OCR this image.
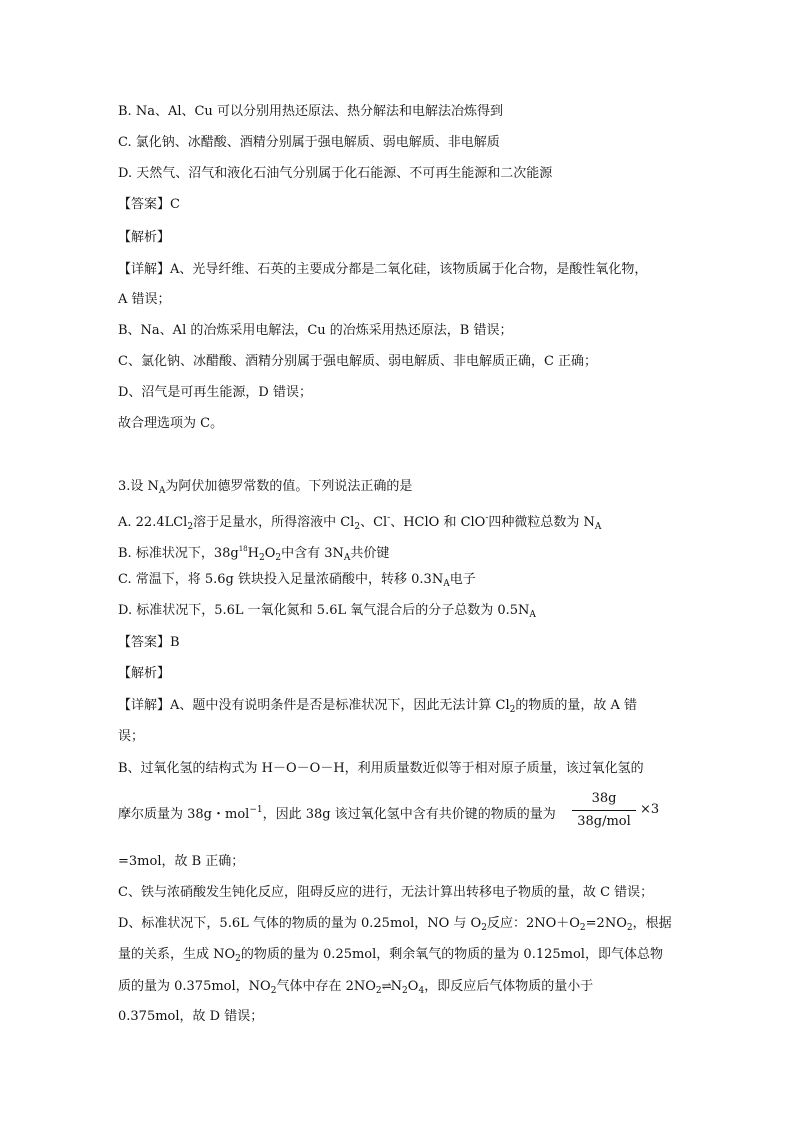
B. Na、Al、Cu 可以分别用热还原法、热分解法和电解法冶炼得到
C. 氯化钠、冰醋酸、酒精分别属于强电解质、弱电解质、非电解质
D. 天然气、沼气和液化石油气分别属于化石能源、不可再生能源和二次能源
【答案】C
【解析】
【详解】A、光导纤维、石英的主要成分都是二氧化硅，该物质属于化合物，是酸性氧化物，
A 错误；
B、Na、Al 的冶炼采用电解法，Cu 的冶炼采用热还原法，B 错误；
C、氯化钠、冰醋酸、酒精分别属于强电解质、弱电解质、非电解质正确，C 正确；
D、沼气是可再生能源，D 错误；
故合理选项为 C。
3.设 $N_A$为阿伏加德罗常数的值。下列说法正确的是
A. 22.4LCl$_2$溶于足量水，所得溶液中 $Cl_2$、Cl-、HClO 和 ClO-四种微粒总数为 $N_A$
B. 标准状况下，$38g^{18}H_2O_2$中含有 $3N_A$共价键
C. 常温下，将 5.6g 铁块投入足量浓硝酸中，转移 $0.3N_A$电子
D. 标准状况下，5.6L 一氧化氮和 5.6L 氧气混合后的分子总数为 $0.5N_A$
【答案】B
【解析】
【详解】A、题中没有说明条件是否是标准状况下，因此无法计算 $Cl_2$的物质的量，故 A 错
误；
B、过氧化氢的结构式为 H－O－O－H，利用质量数近似等于相对原子质量，该过氧化氢的
摩尔质量为 38g・mol$^{-1}$，因此 38g 该过氧化氢中含有共价键的物质的量为
38g
38g/mol
×3
=3mol，故 B 正确；
C、铁与浓硝酸发生钝化反应，阻碍反应的进行，无法计算出转移电子物质的量，故 C 错误；
D、标准状况下，5.6L 气体的物质的量为 0.25mol，NO 与 $O_2$反应：$2NO+O_2=2NO_2$，根据
量的关系，生成 $NO_2$的物质的量为 0.25mol，剩余氧气的物质的量为 0.125mol，即气体总物
质的量为 0.375mol，$NO_2$气体中存在 $2NO_2\rightleftharpoons N_2O_4$，即反应后气体物质的量小于
0.375mol，故 D 错误；
